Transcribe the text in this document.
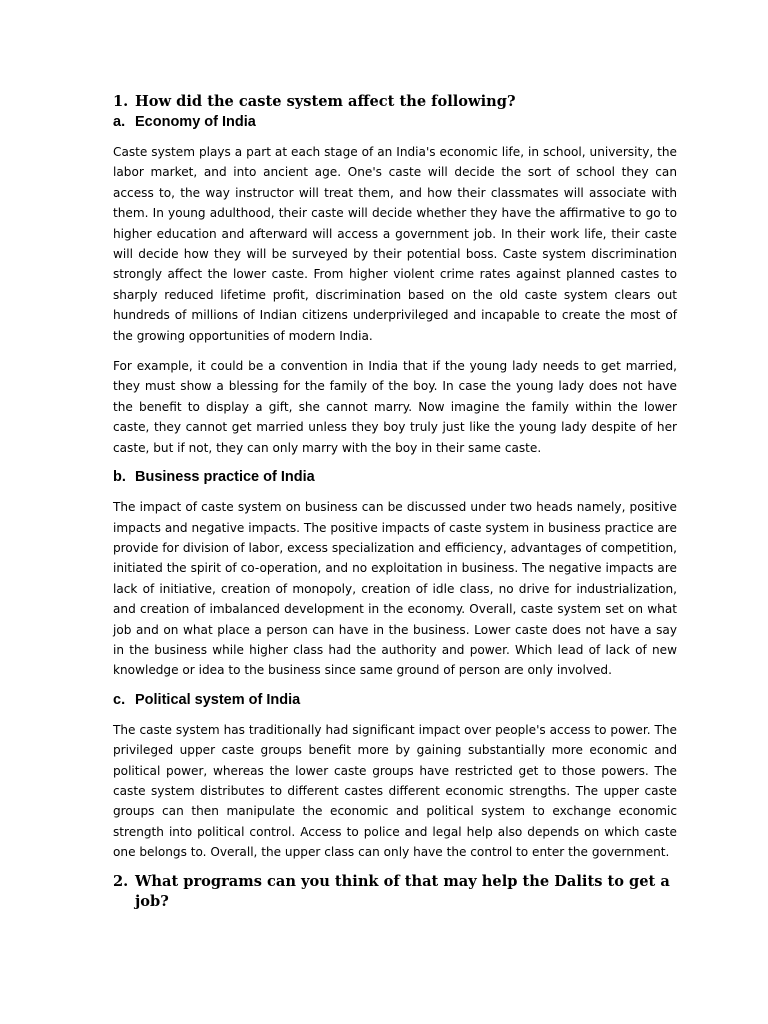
1. How did the caste system affect the following?
a. Economy of India

Caste system plays a part at each stage of an India's economic life, in school, university, the labor market, and into ancient age. One's caste will decide the sort of school they can access to, the way instructor will treat them, and how their classmates will associate with them. In young adulthood, their caste will decide whether they have the affirmative to go to higher education and afterward will access a government job. In their work life, their caste will decide how they will be surveyed by their potential boss. Caste system discrimination strongly affect the lower caste. From higher violent crime rates against planned castes to sharply reduced lifetime profit, discrimination based on the old caste system clears out hundreds of millions of Indian citizens underprivileged and incapable to create the most of the growing opportunities of modern India.

For example, it could be a convention in India that if the young lady needs to get married, they must show a blessing for the family of the boy. In case the young lady does not have the benefit to display a gift, she cannot marry. Now imagine the family within the lower caste, they cannot get married unless they boy truly just like the young lady despite of her caste, but if not, they can only marry with the boy in their same caste.

b. Business practice of India

The impact of caste system on business can be discussed under two heads namely, positive impacts and negative impacts. The positive impacts of caste system in business practice are provide for division of labor, excess specialization and efficiency, advantages of competition, initiated the spirit of co-operation, and no exploitation in business. The negative impacts are lack of initiative, creation of monopoly, creation of idle class, no drive for industrialization, and creation of imbalanced development in the economy. Overall, caste system set on what job and on what place a person can have in the business. Lower caste does not have a say in the business while higher class had the authority and power. Which lead of lack of new knowledge or idea to the business since same ground of person are only involved.

c. Political system of India

The caste system has traditionally had significant impact over people's access to power. The privileged upper caste groups benefit more by gaining substantially more economic and political power, whereas the lower caste groups have restricted get to those powers. The caste system distributes to different castes different economic strengths. The upper caste groups can then manipulate the economic and political system to exchange economic strength into political control. Access to police and legal help also depends on which caste one belongs to. Overall, the upper class can only have the control to enter the government.

2. What programs can you think of that may help the Dalits to get a job?
